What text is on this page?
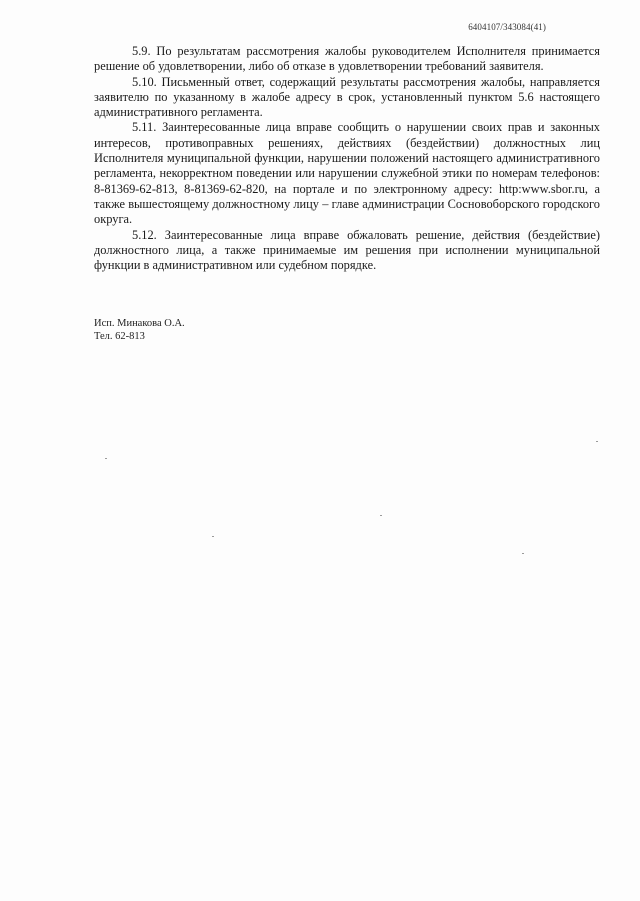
6404107/343084(41)

5.9. По результатам рассмотрения жалобы руководителем Исполнителя принимается решение об удовлетворении, либо об отказе в удовлетворении требований заявителя.

5.10. Письменный ответ, содержащий результаты рассмотрения жалобы, направляется заявителю по указанному в жалобе адресу в срок, установленный пунктом 5.6 настоящего административного регламента.

5.11. Заинтересованные лица вправе сообщить о нарушении своих прав и законных интересов, противоправных решениях, действиях (бездействии) должностных лиц Исполнителя муниципальной функции, нарушении положений настоящего административного регламента, некорректном поведении или нарушении служебной этики по номерам телефонов: 8-81369-62-813, 8-81369-62-820, на портале и по электронному адресу: http:www.sbor.ru, а также вышестоящему должностному лицу – главе администрации Сосновоборского городского округа.

5.12. Заинтересованные лица вправе обжаловать решение, действия (бездействие) должностного лица, а также принимаемые им решения при исполнении муниципальной функции в административном или судебном порядке.

Исп. Минакова О.А.
Тел. 62-813
